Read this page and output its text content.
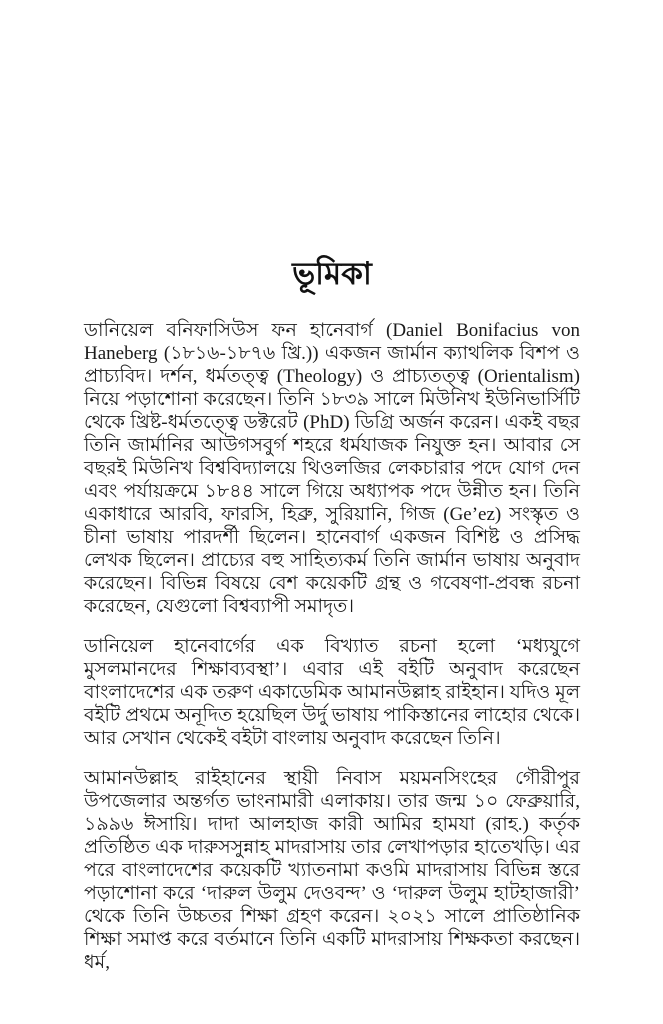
ভূমিকা

ডানিয়েল বনিফাসিউস ফন হানেবার্গ (Daniel Bonifacius von Haneberg (১৮১৬-১৮৭৬ খ্রি.)) একজন জার্মান ক্যাথলিক বিশপ ও প্রাচ্যবিদ। দর্শন, ধর্মতত্ত্ব (Theology) ও প্রাচ্যতত্ত্ব (Orientalism) নিয়ে পড়াশোনা করেছেন। তিনি ১৮৩৯ সালে মিউনিখ ইউনিভার্সিটি থেকে খ্রিষ্ট-ধর্মতত্ত্বে ডক্টরেট (PhD) ডিগ্রি অর্জন করেন। একই বছর তিনি জার্মানির আউগসবুর্গ শহরে ধর্মযাজক নিযুক্ত হন। আবার সে বছরই মিউনিখ বিশ্ববিদ্যালয়ে থিওলজির লেকচারার পদে যোগ দেন এবং পর্যায়ক্রমে ১৮৪৪ সালে গিয়ে অধ্যাপক পদে উন্নীত হন। তিনি একাধারে আরবি, ফারসি, হিব্রু, সুরিয়ানি, গিজ (Ge’ez) সংস্কৃত ও চীনা ভাষায় পারদর্শী ছিলেন। হানেবার্গ একজন বিশিষ্ট ও প্রসিদ্ধ লেখক ছিলেন। প্রাচ্যের বহু সাহিত্যকর্ম তিনি জার্মান ভাষায় অনুবাদ করেছেন। বিভিন্ন বিষয়ে বেশ কয়েকটি গ্রন্থ ও গবেষণা-প্রবন্ধ রচনা করেছেন, যেগুলো বিশ্বব্যাপী সমাদৃত।

ডানিয়েল হানেবার্গের এক বিখ্যাত রচনা হলো ‘মধ্যযুগে মুসলমানদের শিক্ষাব্যবস্থা’। এবার এই বইটি অনুবাদ করেছেন বাংলাদেশের এক তরুণ একাডেমিক আমানউল্লাহ রাইহান। যদিও মূল বইটি প্রথমে অনূদিত হয়েছিল উর্দু ভাষায় পাকিস্তানের লাহোর থেকে। আর সেখান থেকেই বইটা বাংলায় অনুবাদ করেছেন তিনি।

আমানউল্লাহ রাইহানের স্থায়ী নিবাস ময়মনসিংহের গৌরীপুর উপজেলার অন্তর্গত ভাংনামারী এলাকায়। তার জন্ম ১০ ফেব্রুয়ারি, ১৯৯৬ ঈসায়ি। দাদা আলহাজ কারী আমির হামযা (রাহ.) কর্তৃক প্রতিষ্ঠিত এক দারুসসুন্নাহ মাদরাসায় তার লেখাপড়ার হাতেখড়ি। এর পরে বাংলাদেশের কয়েকটি খ্যাতনামা কওমি মাদরাসায় বিভিন্ন স্তরে পড়াশোনা করে ‘দারুল উলুম দেওবন্দ’ ও ‘দারুল উলুম হাটহাজারী’ থেকে তিনি উচ্চতর শিক্ষা গ্রহণ করেন। ২০২১ সালে প্রাতিষ্ঠানিক শিক্ষা সমাপ্ত করে বর্তমানে তিনি একটি মাদরাসায় শিক্ষকতা করছেন। ধর্ম,
